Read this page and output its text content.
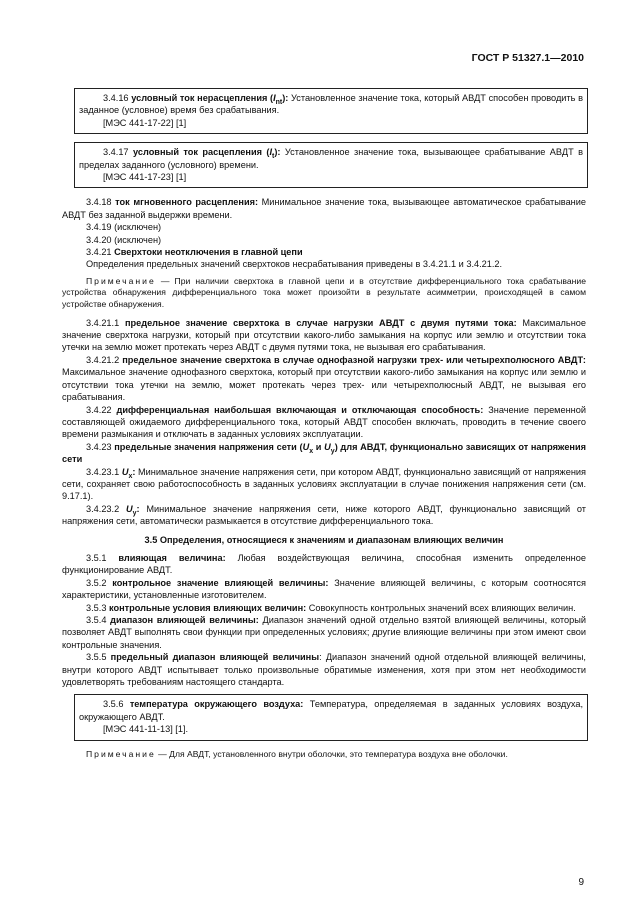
ГОСТ Р 51327.1—2010

3.4.16 условный ток нерасцепления $(I_{nt})$: Установленное значение тока, который АВДТ способен проводить в заданное (условное) время без срабатывания.

[МЭС 441-17-22] [1]

3.4.17 условный ток расцепления $(I_t)$: Установленное значение тока, вызывающее срабатывание АВДТ в пределах заданного (условного) времени.

[МЭС 441-17-23] [1]

3.4.18 ток мгновенного расцепления: Минимальное значение тока, вызывающее автоматическое срабатывание АВДТ без заданной выдержки времени.

3.4.19 (исключен)

3.4.20 (исключен)

3.4.21 Сверхтоки неотключения в главной цепи

Определения предельных значений сверхтоков несрабатывания приведены в 3.4.21.1 и 3.4.21.2.

Примечание — При наличии сверхтока в главной цепи и в отсутствие дифференциального тока срабатывание устройства обнаружения дифференциального тока может произойти в результате асимметрии, происходящей в самом устройстве обнаружения.

3.4.21.1 предельное значение сверхтока в случае нагрузки АВДТ с двумя путями тока: Максимальное значение сверхтока нагрузки, который при отсутствии какого-либо замыкания на корпус или землю и отсутствии тока утечки на землю может протекать через АВДТ с двумя путями тока, не вызывая его срабатывания.

3.4.21.2 предельное значение сверхтока в случае однофазной нагрузки трех- или четырехполюсного АВДТ: Максимальное значение однофазного сверхтока, который при отсутствии какого-либо замыкания на корпус или землю и отсутствии тока утечки на землю, может протекать через трех- или четырехполюсный АВДТ, не вызывая его срабатывания.

3.4.22 дифференциальная наибольшая включающая и отключающая способность: Значение переменной составляющей ожидаемого дифференциального тока, который АВДТ способен включать, проводить в течение своего времени размыкания и отключать в заданных условиях эксплуатации.

3.4.23 предельные значения напряжения сети ($U_x$ и $U_y$) для АВДТ, функционально зависящих от напряжения сети

3.4.23.1 $U_x$: Минимальное значение напряжения сети, при котором АВДТ, функционально зависящий от напряжения сети, сохраняет свою работоспособность в заданных условиях эксплуатации в случае понижения напряжения сети (см. 9.17.1).

3.4.23.2 $U_y$: Минимальное значение напряжения сети, ниже которого АВДТ, функционально зависящий от напряжения сети, автоматически размыкается в отсутствие дифференциального тока.

3.5 Определения, относящиеся к значениям и диапазонам влияющих величин

3.5.1 влияющая величина: Любая воздействующая величина, способная изменить определенное функционирование АВДТ.

3.5.2 контрольное значение влияющей величины: Значение влияющей величины, с которым соотносятся характеристики, установленные изготовителем.

3.5.3 контрольные условия влияющих величин: Совокупность контрольных значений всех влияющих величин.

3.5.4 диапазон влияющей величины: Диапазон значений одной отдельно взятой влияющей величины, который позволяет АВДТ выполнять свои функции при определенных условиях; другие влияющие величины при этом имеют свои контрольные значения.

3.5.5 предельный диапазон влияющей величины: Диапазон значений одной отдельной влияющей величины, внутри которого АВДТ испытывает только произвольные обратимые изменения, хотя при этом нет необходимости удовлетворять требованиям настоящего стандарта.

3.5.6 температура окружающего воздуха: Температура, определяемая в заданных условиях воздуха, окружающего АВДТ.

[МЭС 441-11-13] [1].

Примечание — Для АВДТ, установленного внутри оболочки, это температура воздуха вне оболочки.

9
